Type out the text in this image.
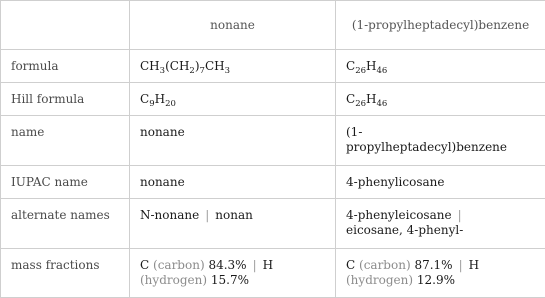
	nonane	(1-propylheptadecyl)benzene

formula	$CH_3(CH_2)_7CH_3$	$C_{26}H_{46}$

Hill formula	$C_9H_{20}$	$C_{26}H_{46}$

name	nonane	(1-propylheptadecyl)benzene

IUPAC name	nonane	4-phenylicosane

alternate names	N-nonane | nonan	4-phenyleicosane |
eicosane, 4-phenyl-

mass fractions	C (carbon) 84.3% | H
(hydrogen) 15.7%	C (carbon) 87.1% | H
(hydrogen) 12.9%
